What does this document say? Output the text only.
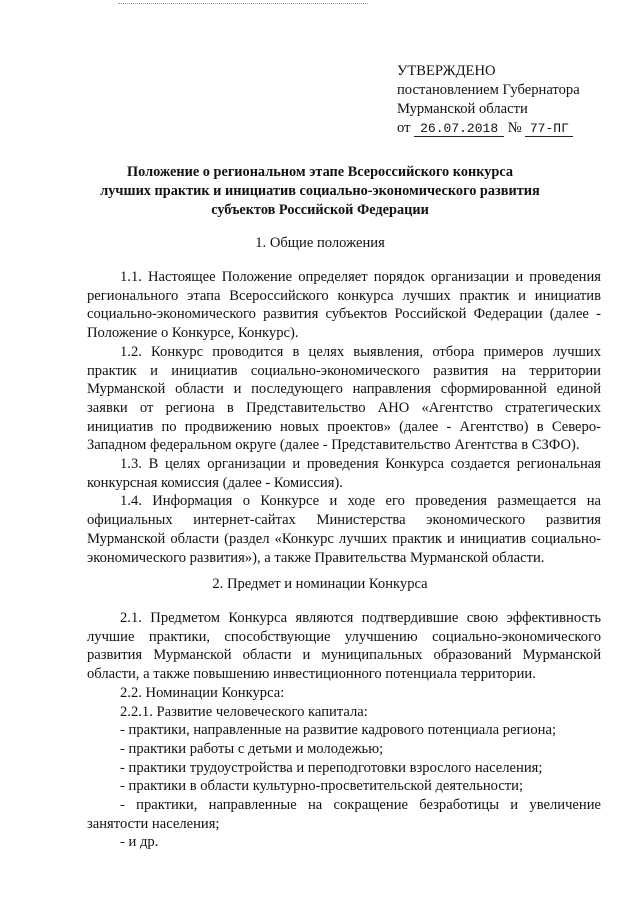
УТВЕРЖДЕНО
постановлением Губернатора
Мурманской области
от 26.07.2018 № 77-ПГ
Положение о региональном этапе Всероссийского конкурса
лучших практик и инициатив социально-экономического развития
субъектов Российской Федерации
1. Общие положения

1.1. Настоящее Положение определяет порядок организации и проведения регионального этапа Всероссийского конкурса лучших практик и инициатив социально-экономического развития субъектов Российской Федерации (далее - Положение о Конкурсе, Конкурс).

1.2. Конкурс проводится в целях выявления, отбора примеров лучших практик и инициатив социально-экономического развития на территории Мурманской области и последующего направления сформированной единой заявки от региона в Представительство АНО «Агентство стратегических инициатив по продвижению новых проектов» (далее - Агентство) в Северо-Западном федеральном округе (далее - Представительство Агентства в СЗФО).

1.3. В целях организации и проведения Конкурса создается региональная конкурсная комиссия (далее - Комиссия).

1.4. Информация о Конкурсе и ходе его проведения размещается на официальных интернет-сайтах Министерства экономического развития Мурманской области (раздел «Конкурс лучших практик и инициатив социально-экономического развития»), а также Правительства Мурманской области.

2. Предмет и номинации Конкурса

2.1. Предметом Конкурса являются подтвердившие свою эффективность лучшие практики, способствующие улучшению социально-экономического развития Мурманской области и муниципальных образований Мурманской области, а также повышению инвестиционного потенциала территории.

2.2. Номинации Конкурса:

2.2.1. Развитие человеческого капитала:

- практики, направленные на развитие кадрового потенциала региона;

- практики работы с детьми и молодежью;

- практики трудоустройства и переподготовки взрослого населения;

- практики в области культурно-просветительской деятельности;

- практики, направленные на сокращение безработицы и увеличение занятости населения;

- и др.
